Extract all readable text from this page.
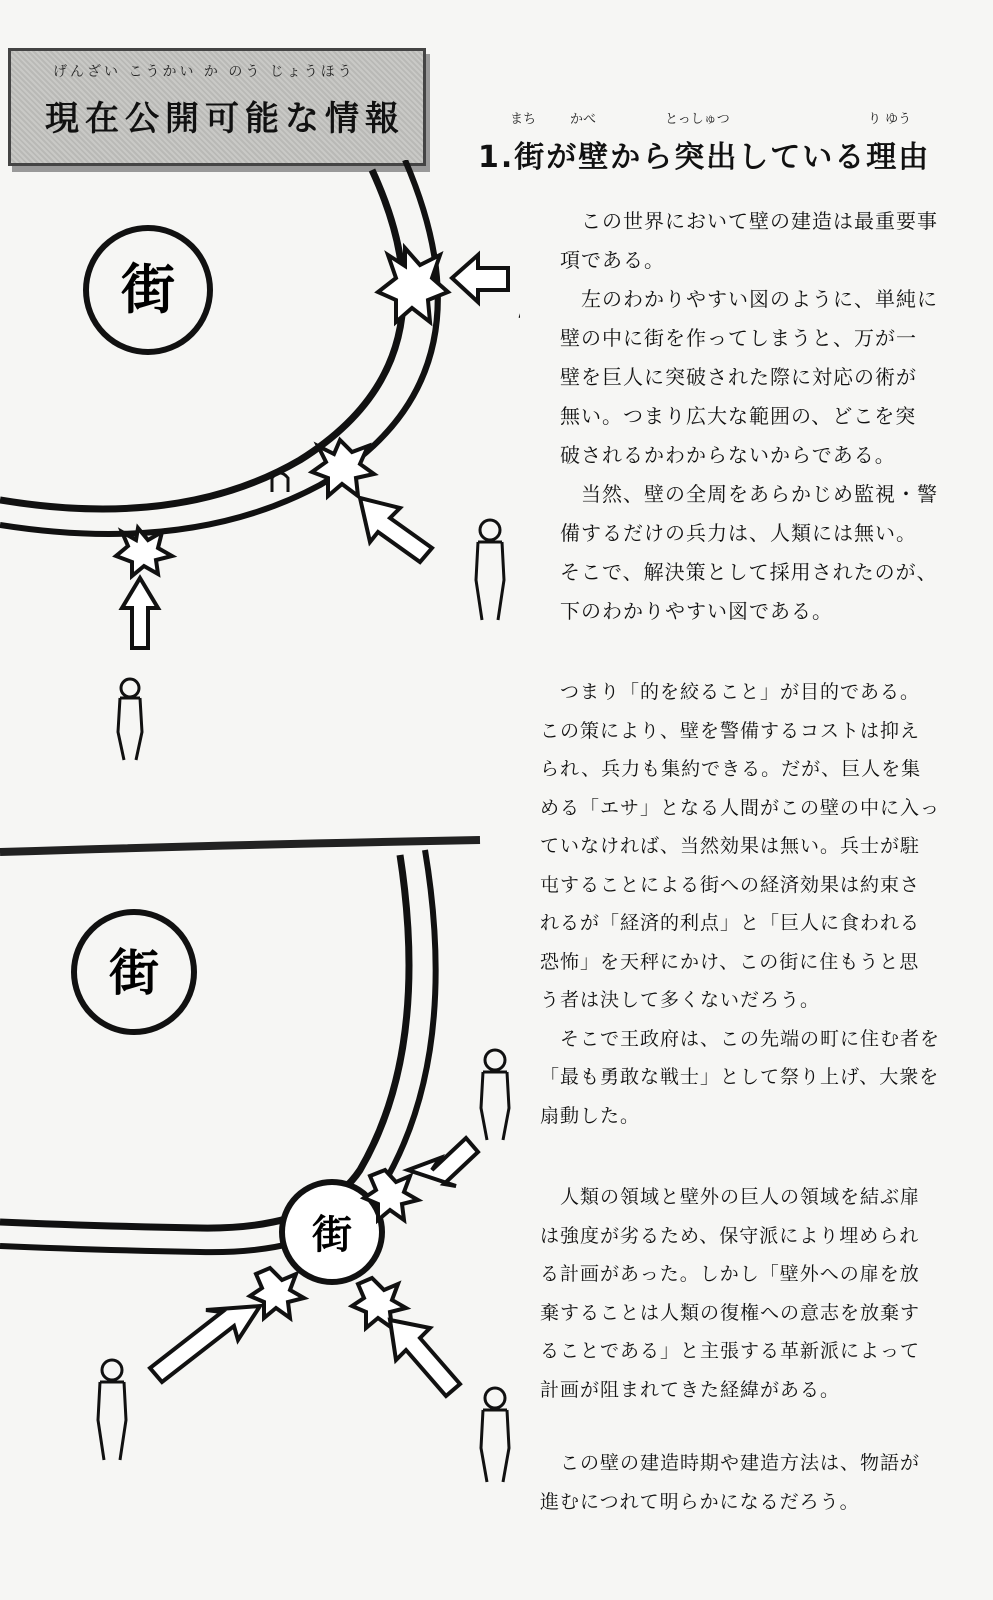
げんざい こうかい か のう じょうほう
現在公開可能な情報	まち	かべ	とっしゅつ	り ゆう
1.街が壁から突出している理由
街
街
街

　この世界において壁の建造は最重要事

項である。

　左のわかりやすい図のように、単純に

壁の中に街を作ってしまうと、万が一

壁を巨人に突破された際に対応の術が

無い。つまり広大な範囲の、どこを突

破されるかわからないからである。

　当然、壁の全周をあらかじめ監視・警

備するだけの兵力は、人類には無い。

そこで、解決策として採用されたのが、

下のわかりやすい図である。

　つまり「的を絞ること」が目的である。

この策により、壁を警備するコストは抑え

られ、兵力も集約できる。だが、巨人を集

める「エサ」となる人間がこの壁の中に入っ

ていなければ、当然効果は無い。兵士が駐

屯することによる街への経済効果は約束さ

れるが「経済的利点」と「巨人に食われる

恐怖」を天秤にかけ、この街に住もうと思

う者は決して多くないだろう。

　そこで王政府は、この先端の町に住む者を

「最も勇敢な戦士」として祭り上げ、大衆を

扇動した。

　人類の領域と壁外の巨人の領域を結ぶ扉

は強度が劣るため、保守派により埋められ

る計画があった。しかし「壁外への扉を放

棄することは人類の復権への意志を放棄す

ることである」と主張する革新派によって

計画が阻まれてきた経緯がある。

　この壁の建造時期や建造方法は、物語が

進むにつれて明らかになるだろう。
